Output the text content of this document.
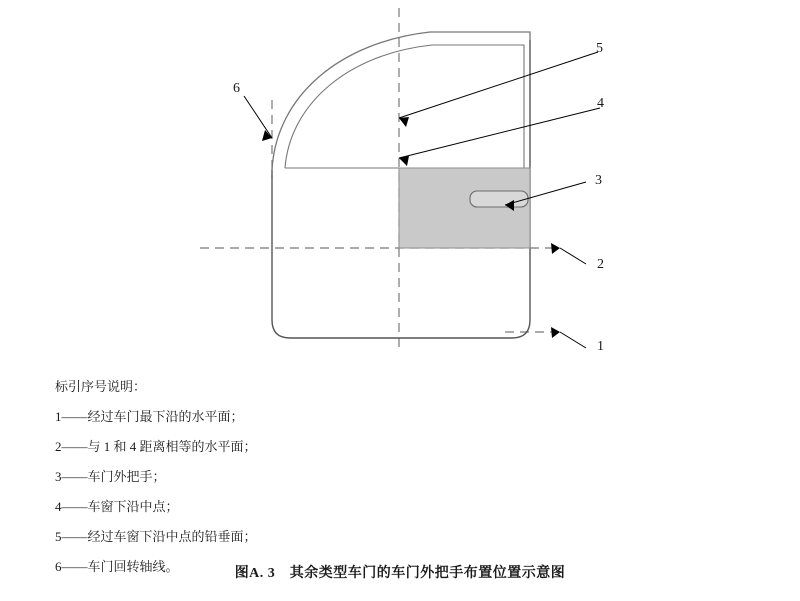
1
2
3
4
5
6
标引序号说明：
1——经过车门最下沿的水平面；
2——与 1 和 4 距离相等的水平面；
3——车门外把手；
4——车窗下沿中点；
5——经过车窗下沿中点的铅垂面；
6——车门回转轴线。	图A. 3　其余类型车门的车门外把手布置位置示意图
